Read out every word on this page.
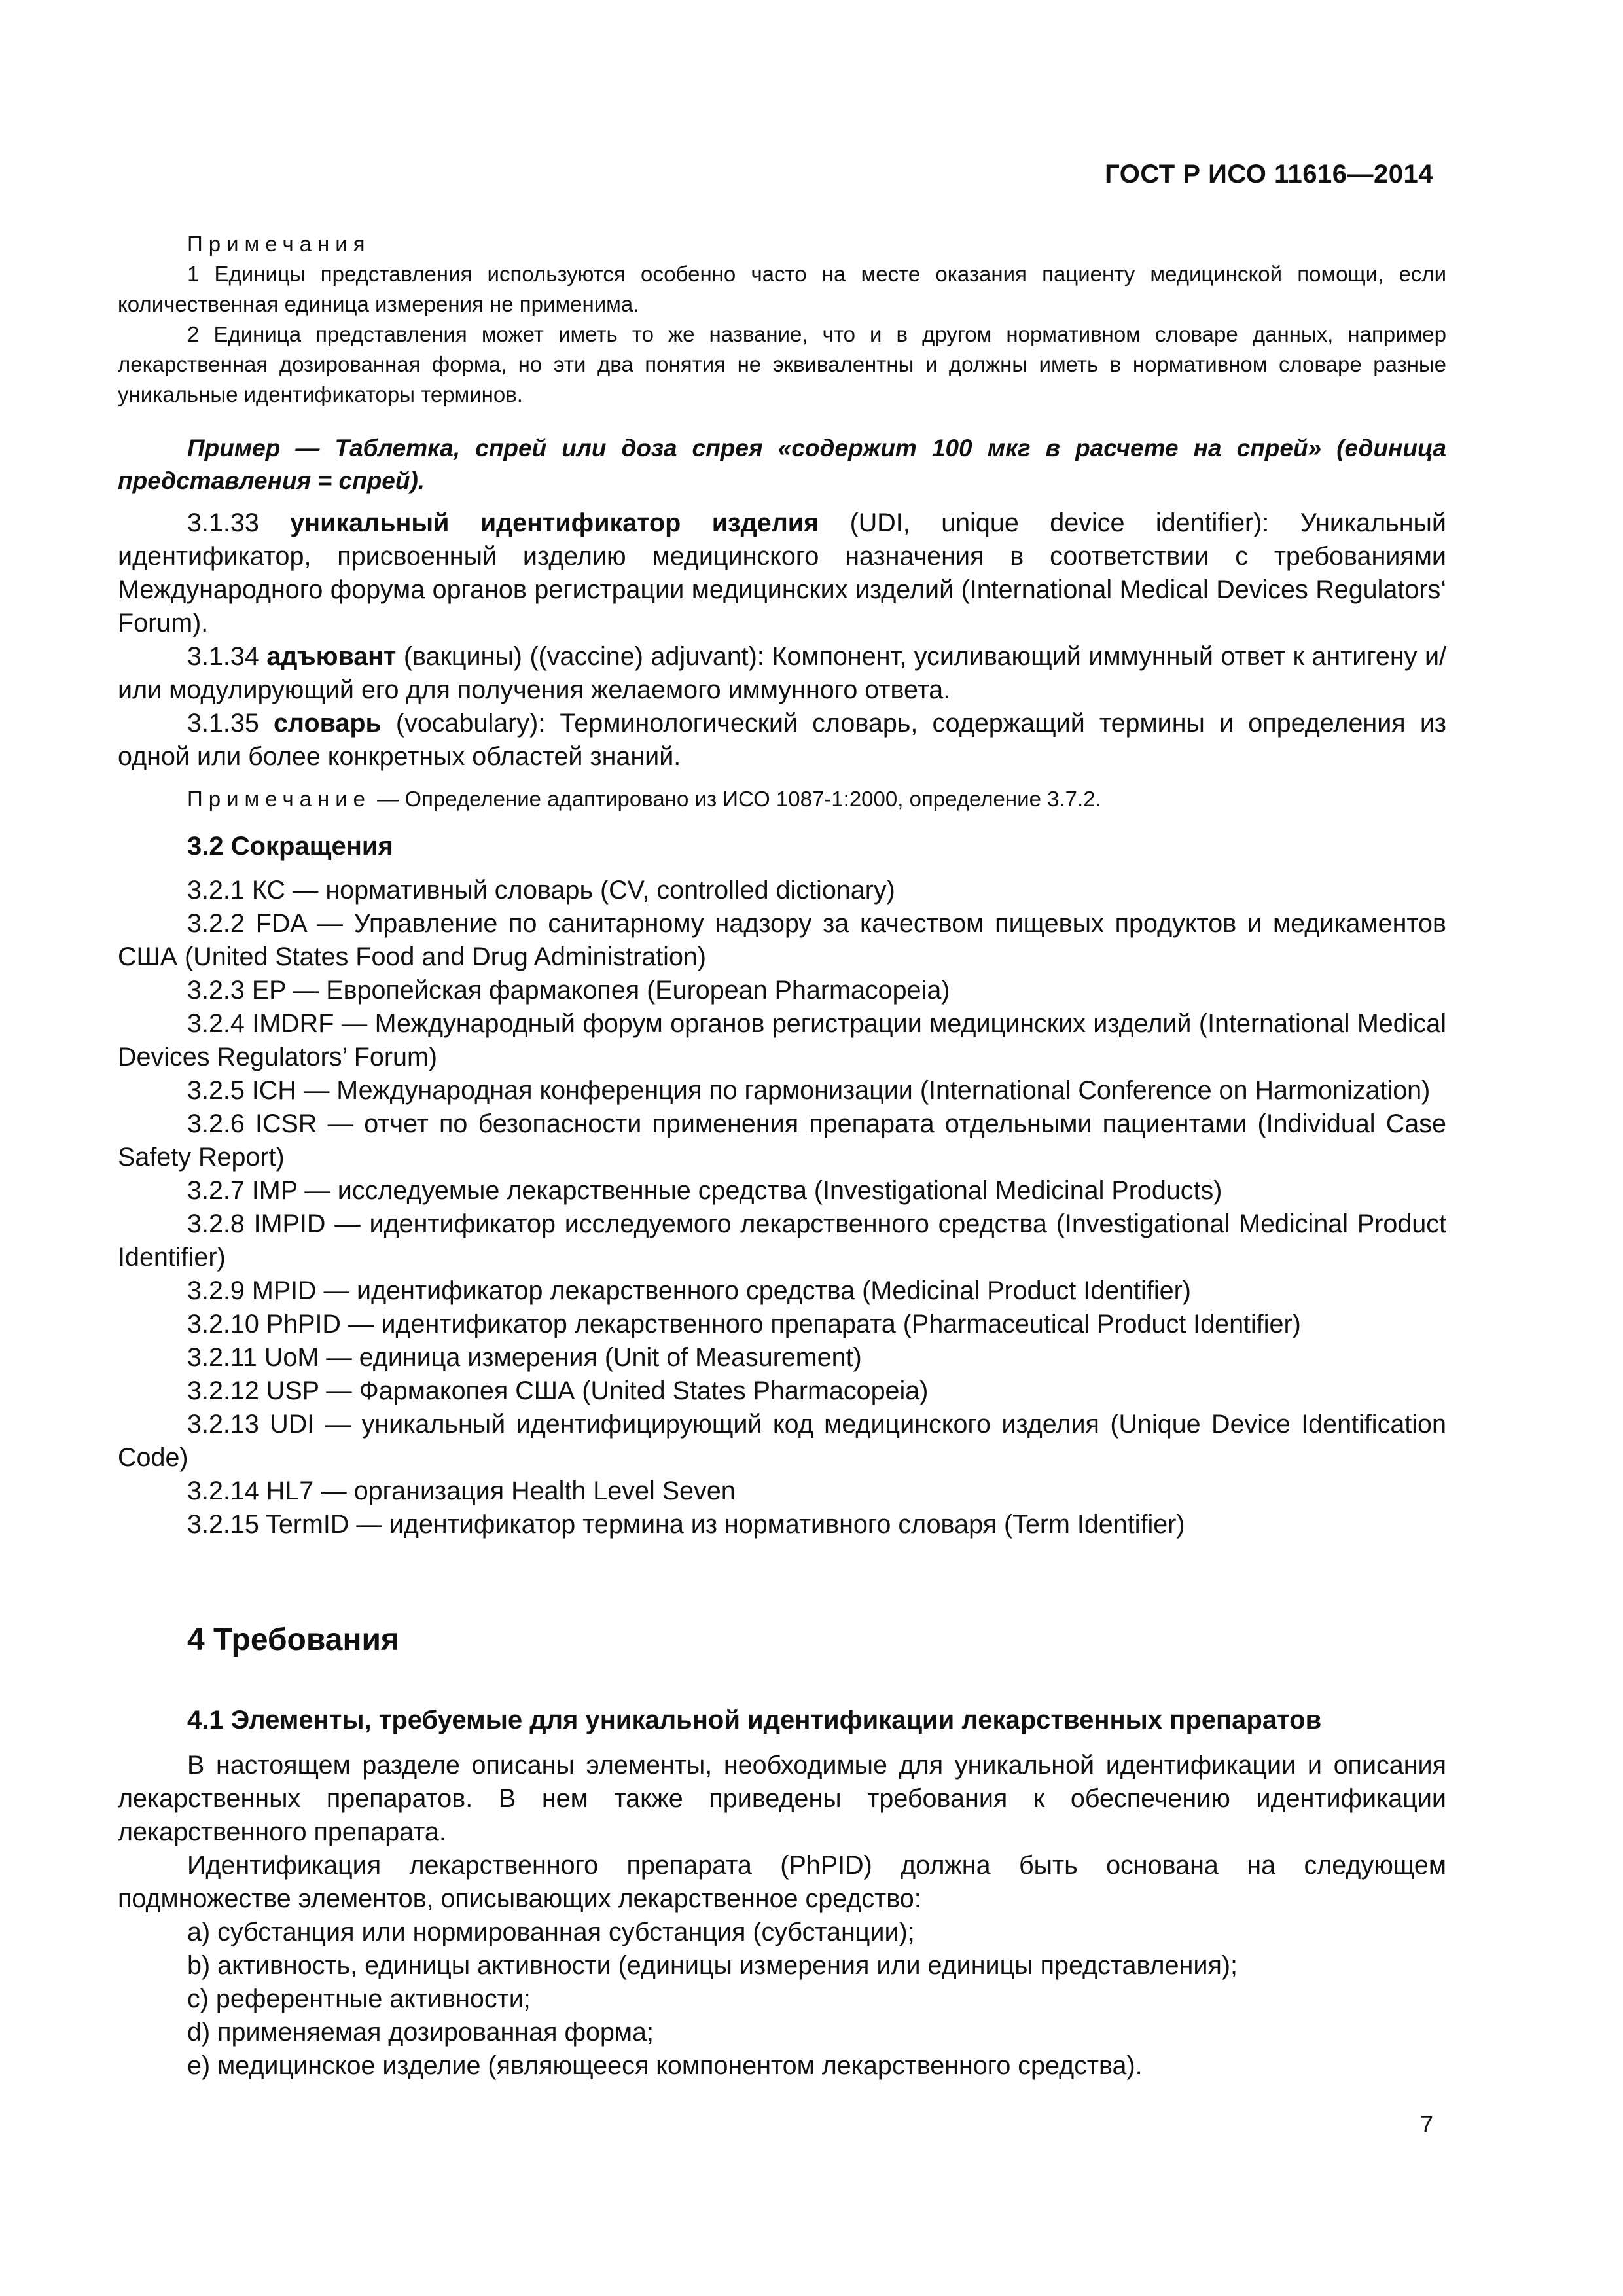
ГОСТ Р ИСО 11616—2014

Примечания

1 Единицы представления используются особенно часто на месте оказания пациенту медицинской помощи, если количественная единица измерения не применима.

2 Единица представления может иметь то же название, что и в другом нормативном словаре данных, например лекарственная дозированная форма, но эти два понятия не эквивалентны и должны иметь в нормативном словаре разные уникальные идентификаторы терминов.

Пример — Таблетка, спрей или доза спрея «содержит 100 мкг в расчете на спрей» (единица представления = спрей).

3.1.33 уникальный идентификатор изделия (UDI, unique device identifier): Уникальный идентификатор, присвоенный изделию медицинского назначения в соответствии с требованиями Международного форума органов регистрации медицинских изделий (International Medical Devices Regulators‘ Forum).

3.1.34 адъювант (вакцины) ((vaccine) adjuvant): Компонент, усиливающий иммунный ответ к антигену и/или модулирующий его для получения желаемого иммунного ответа.

3.1.35 словарь (vocabulary): Терминологический словарь, содержащий термины и определения из одной или более конкретных областей знаний.

Примечание — Определение адаптировано из ИСО 1087-1:2000, определение 3.7.2.

3.2 Сокращения

3.2.1 КС — нормативный словарь (CV, controlled dictionary)

3.2.2 FDA — Управление по санитарному надзору за качеством пищевых продуктов и медикаментов США (United States Food and Drug Administration)

3.2.3 EP — Европейская фармакопея (European Pharmacopeia)

3.2.4 IMDRF — Международный форум органов регистрации медицинских изделий (International Medical Devices Regulators’ Forum)

3.2.5 ICH — Международная конференция по гармонизации (International Conference on Harmonization)

3.2.6 ICSR — отчет по безопасности применения препарата отдельными пациентами (Individual Case Safety Report)

3.2.7 IMP — исследуемые лекарственные средства (Investigational Medicinal Products)

3.2.8 IMPID — идентификатор исследуемого лекарственного средства (Investigational Medicinal Product Identifier)

3.2.9 MPID — идентификатор лекарственного средства (Medicinal Product Identifier)

3.2.10 PhPID — идентификатор лекарственного препарата (Pharmaceutical Product Identifier)

3.2.11 UoM — единица измерения (Unit of Measurement)

3.2.12 USP — Фармакопея США (United States Pharmacopeia)

3.2.13 UDI — уникальный идентифицирующий код медицинского изделия (Unique Device Identification Code)

3.2.14 HL7 — организация Health Level Seven

3.2.15 TermID — идентификатор термина из нормативного словаря (Term Identifier)

4 Требования
4.1 Элементы, требуемые для уникальной идентификации лекарственных препаратов

В настоящем разделе описаны элементы, необходимые для уникальной идентификации и описания лекарственных препаратов. В нем также приведены требования к обеспечению идентификации лекарственного препарата.

Идентификация лекарственного препарата (PhPID) должна быть основана на следующем подмножестве элементов, описывающих лекарственное средство:

a) субстанция или нормированная субстанция (субстанции);
b) активность, единицы активности (единицы измерения или единицы представления);
c) референтные активности;
d) применяемая дозированная форма;
e) медицинское изделие (являющееся компонентом лекарственного средства).
7
